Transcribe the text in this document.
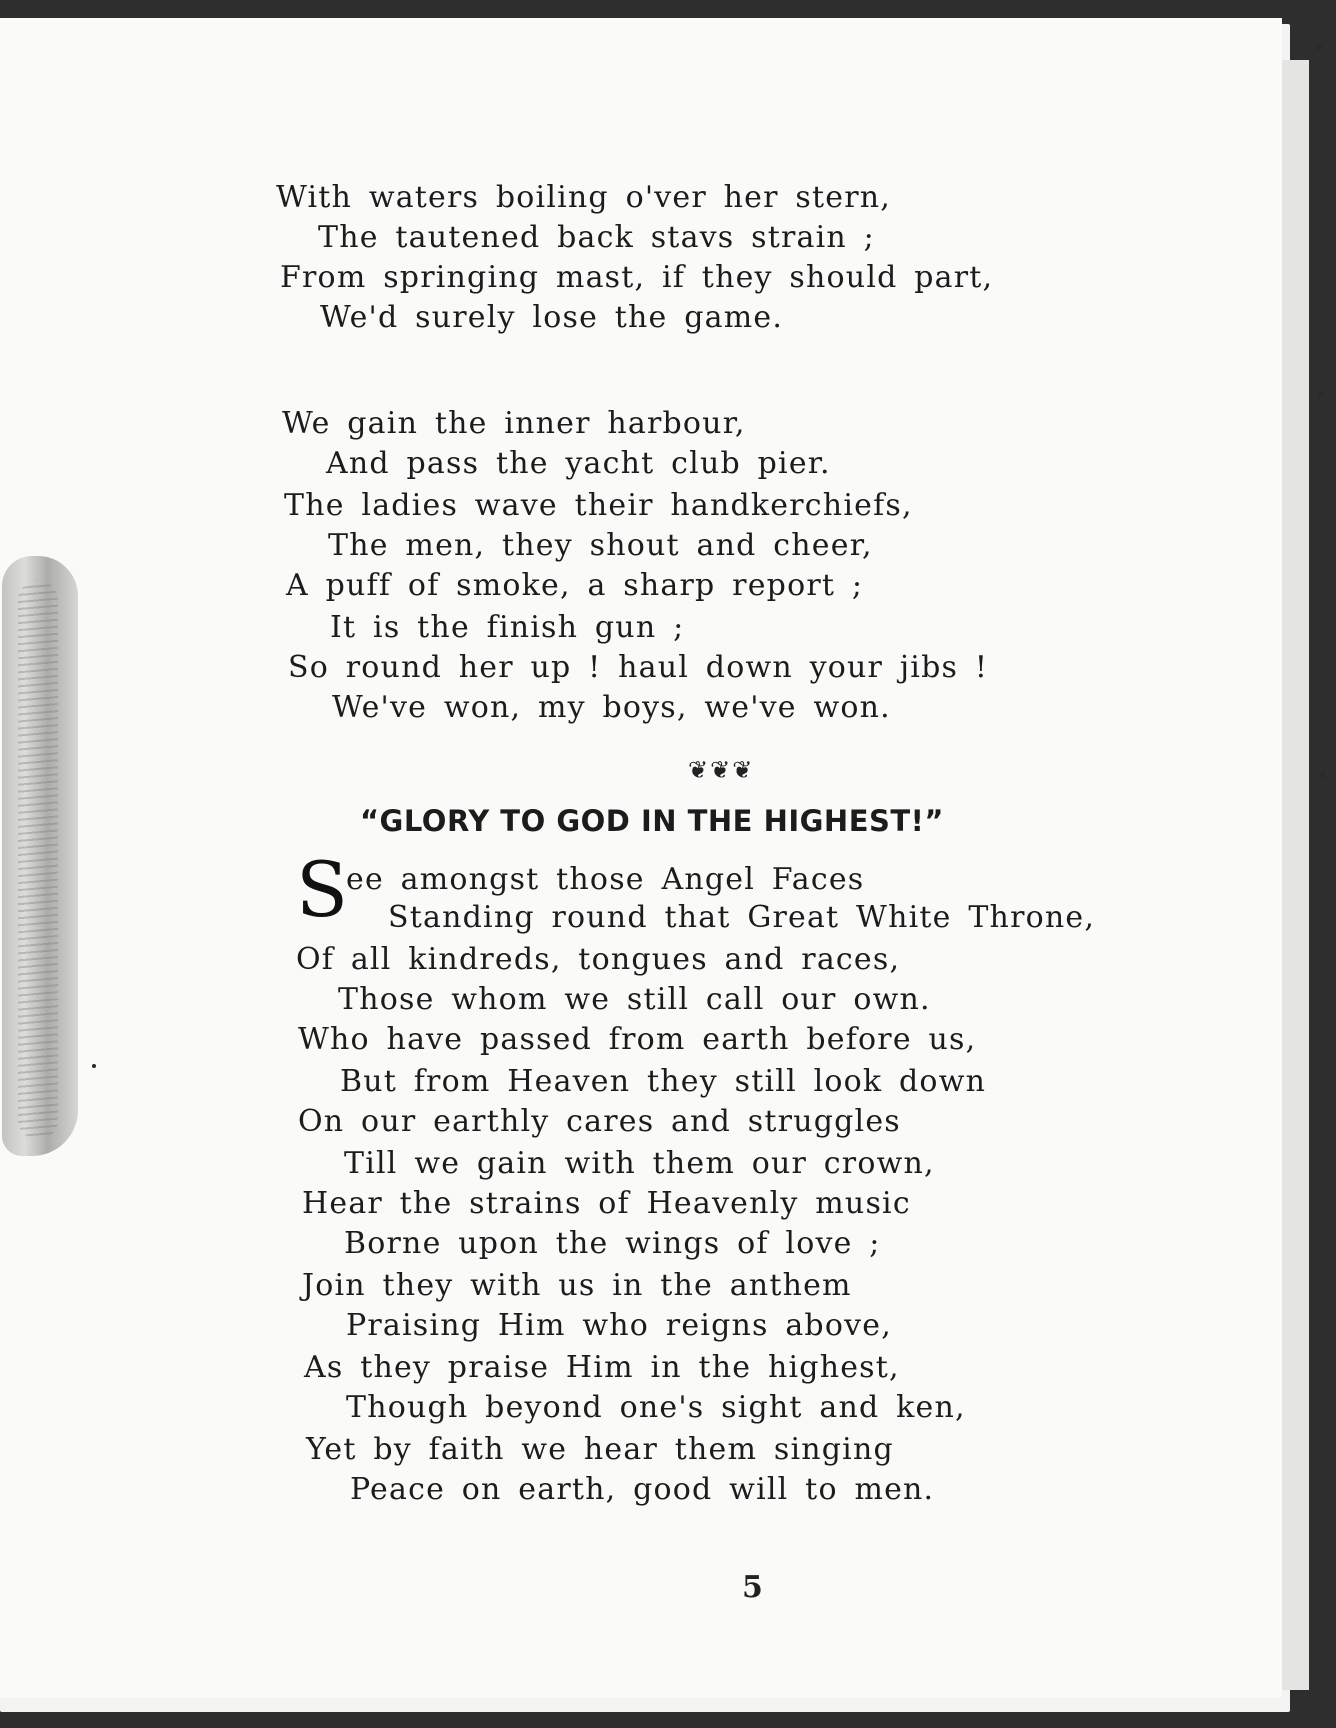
With waters boiling o'ver her stern,
The tautened back stavs strain ;
From springing mast, if they should part,
We'd surely lose the game.
We gain the inner harbour,
And pass the yacht club pier.
The ladies wave their handkerchiefs,
The men, they shout and cheer,
A puff of smoke, a sharp report ;
It is the finish gun ;
So round her up ! haul down your jibs !
We've won, my boys, we've won.
❦❦❦
“GLORY TO GOD IN THE HIGHEST!”
S
ee amongst those Angel Faces
Standing round that Great White Throne,
Of all kindreds, tongues and races,
Those whom we still call our own.
Who have passed from earth before us,
But from Heaven they still look down
On our earthly cares and struggles
Till we gain with them our crown,
Hear the strains of Heavenly music
Borne upon the wings of love ;
Join they with us in the anthem
Praising Him who reigns above,
As they praise Him in the highest,
Though beyond one's sight and ken,
Yet by faith we hear them singing
Peace on earth, good will to men.
5
